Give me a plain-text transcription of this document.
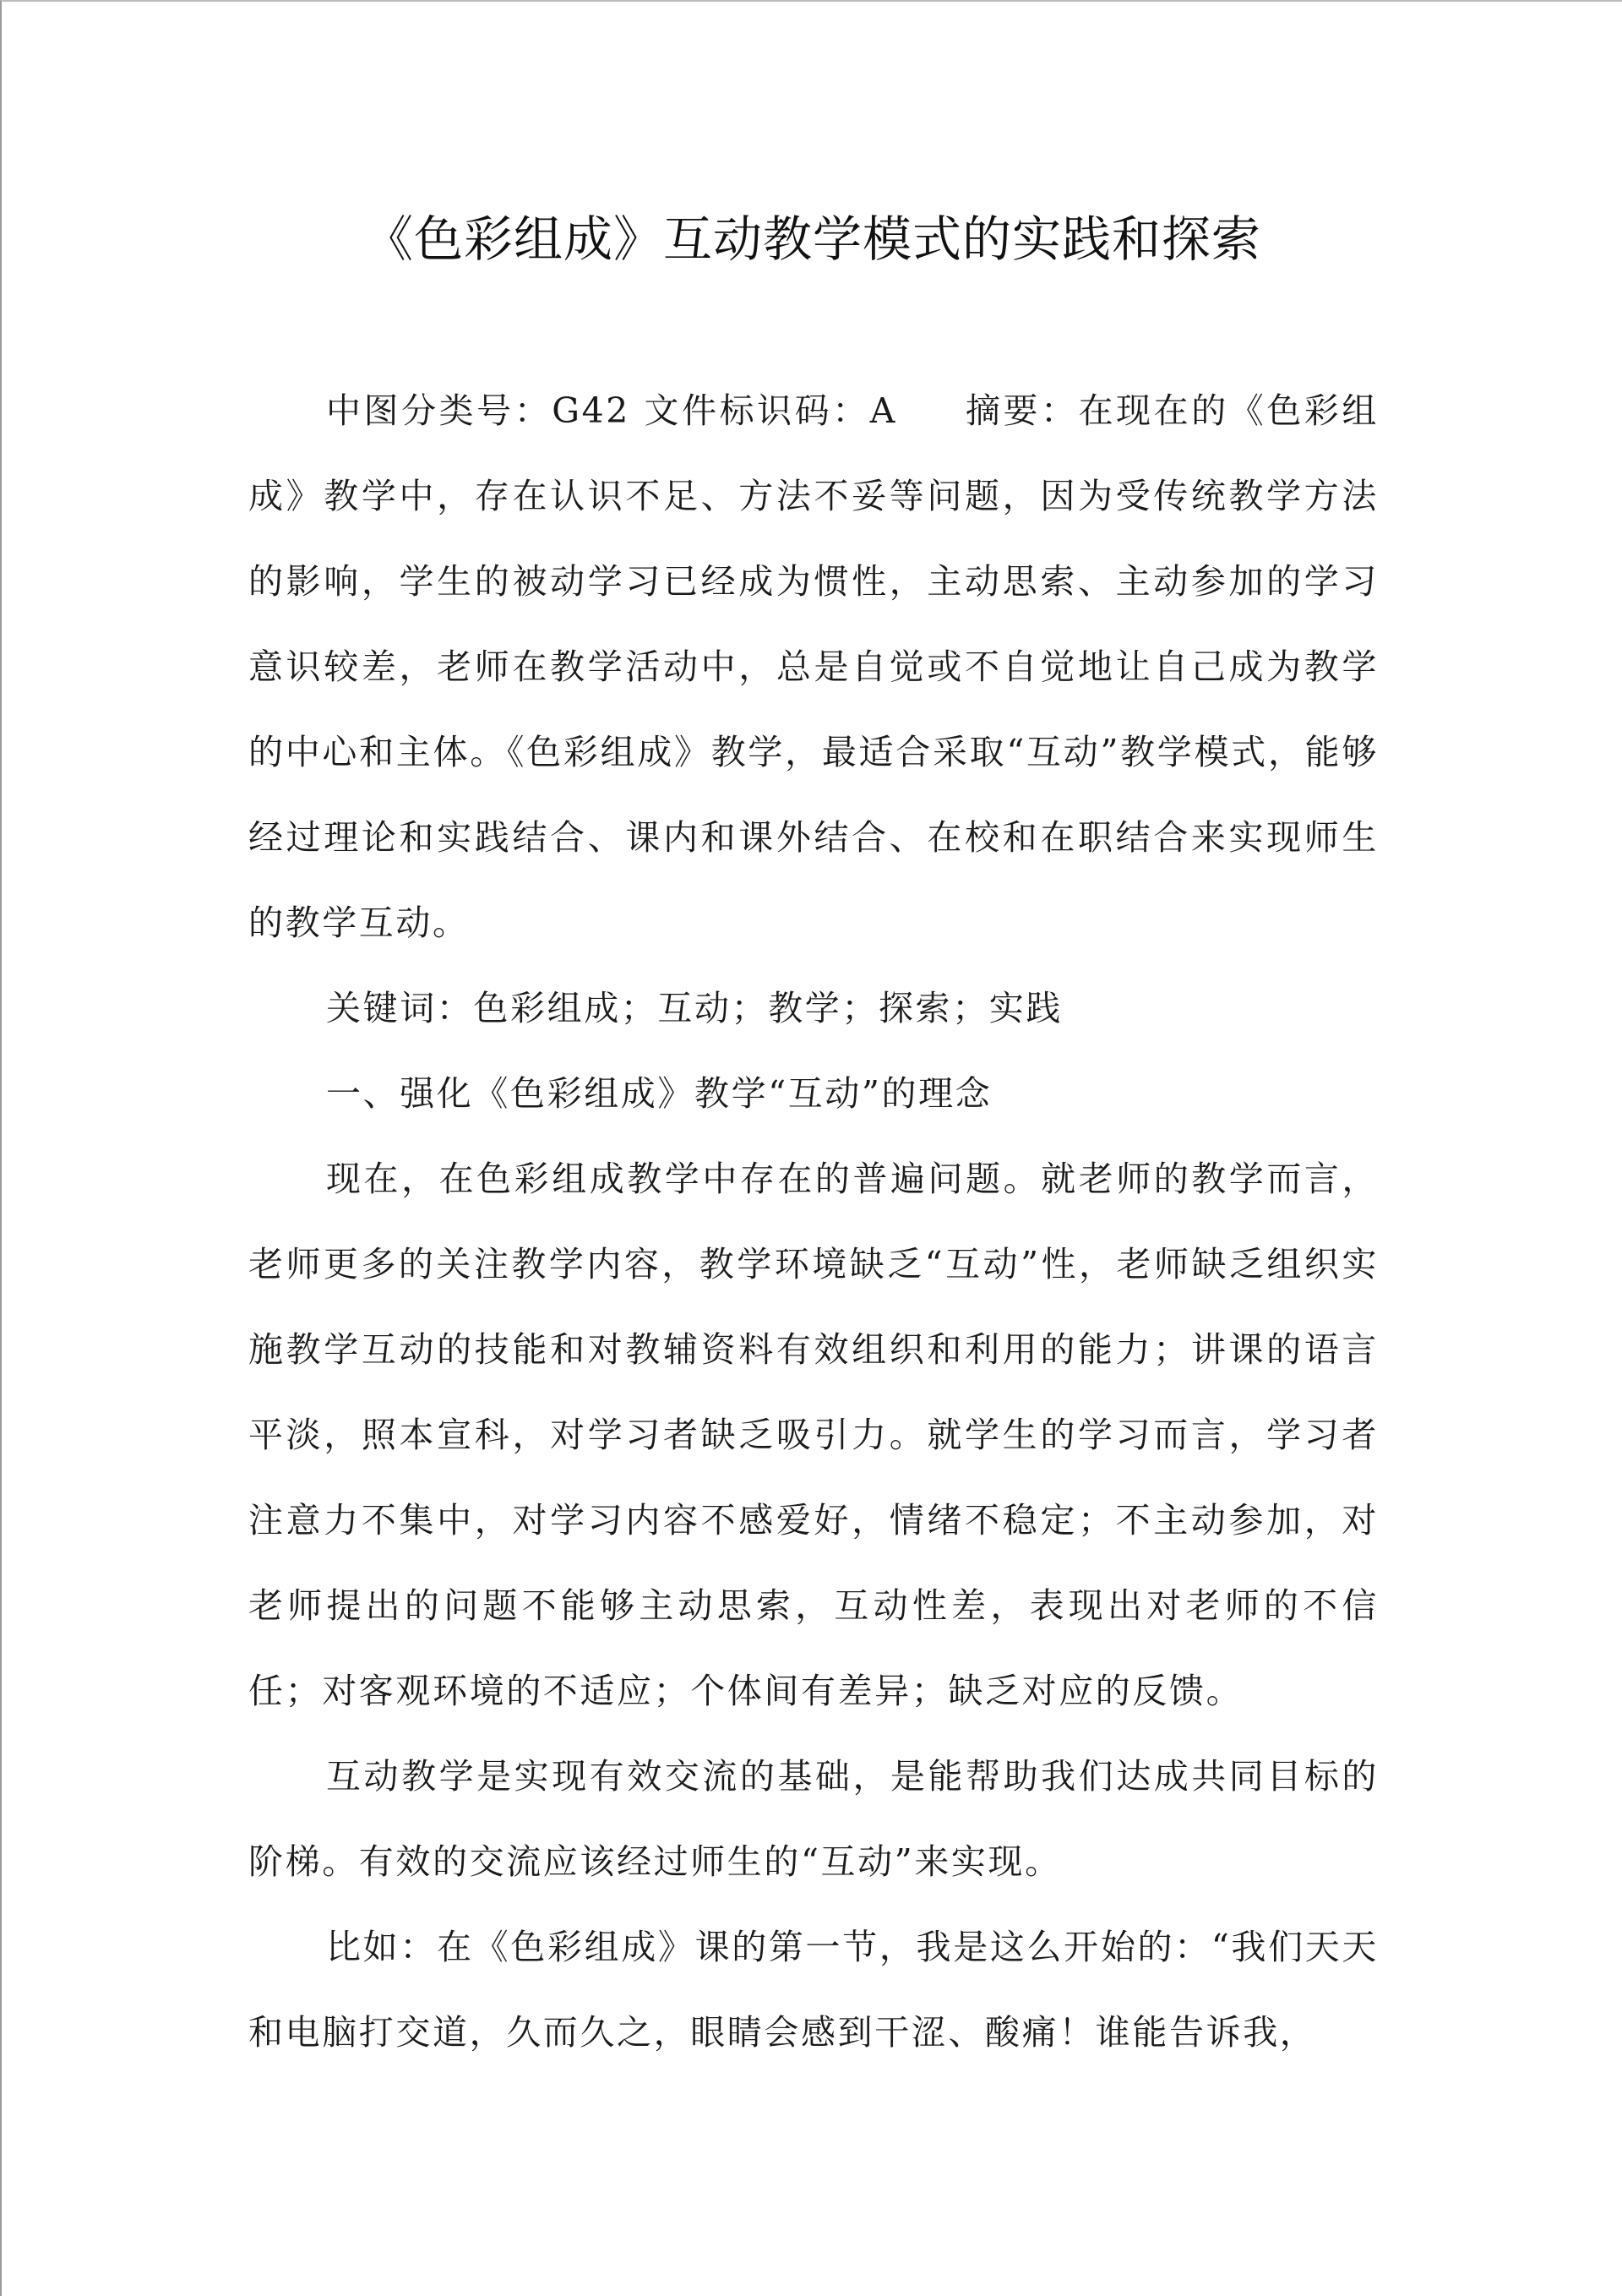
《色彩组成》互动教学模式的实践和探索

中图分类号：G42 文件标识码：A 摘要：在现在的《色彩组成》教学中，存在认识不足、方法不妥等问题，因为受传统教学方法的影响，学生的被动学习已经成为惯性，主动思索、主动参加的学习意识较差，老师在教学活动中，总是自觉或不自觉地让自己成为教学的中心和主体。《色彩组成》教学，最适合采取“互动”教学模式，能够经过理论和实践结合、课内和课外结合、在校和在职结合来实现师生的教学互动。

关键词：色彩组成；互动；教学；探索；实践

一、强化《色彩组成》教学“互动”的理念

现在，在色彩组成教学中存在的普遍问题。就老师的教学而言，老师更多的关注教学内容，教学环境缺乏“互动”性，老师缺乏组织实施教学互动的技能和对教辅资料有效组织和利用的能力；讲课的语言平淡，照本宣科，对学习者缺乏吸引力。就学生的学习而言，学习者注意力不集中，对学习内容不感爱好，情绪不稳定；不主动参加，对老师提出的问题不能够主动思索，互动性差，表现出对老师的不信任；对客观环境的不适应；个体间有差异；缺乏对应的反馈。

互动教学是实现有效交流的基础，是能帮助我们达成共同目标的阶梯。有效的交流应该经过师生的“互动”来实现。

比如：在《色彩组成》课的第一节，我是这么开始的：“我们天天和电脑打交道，久而久之，眼睛会感到干涩、酸痛！谁能告诉我，
